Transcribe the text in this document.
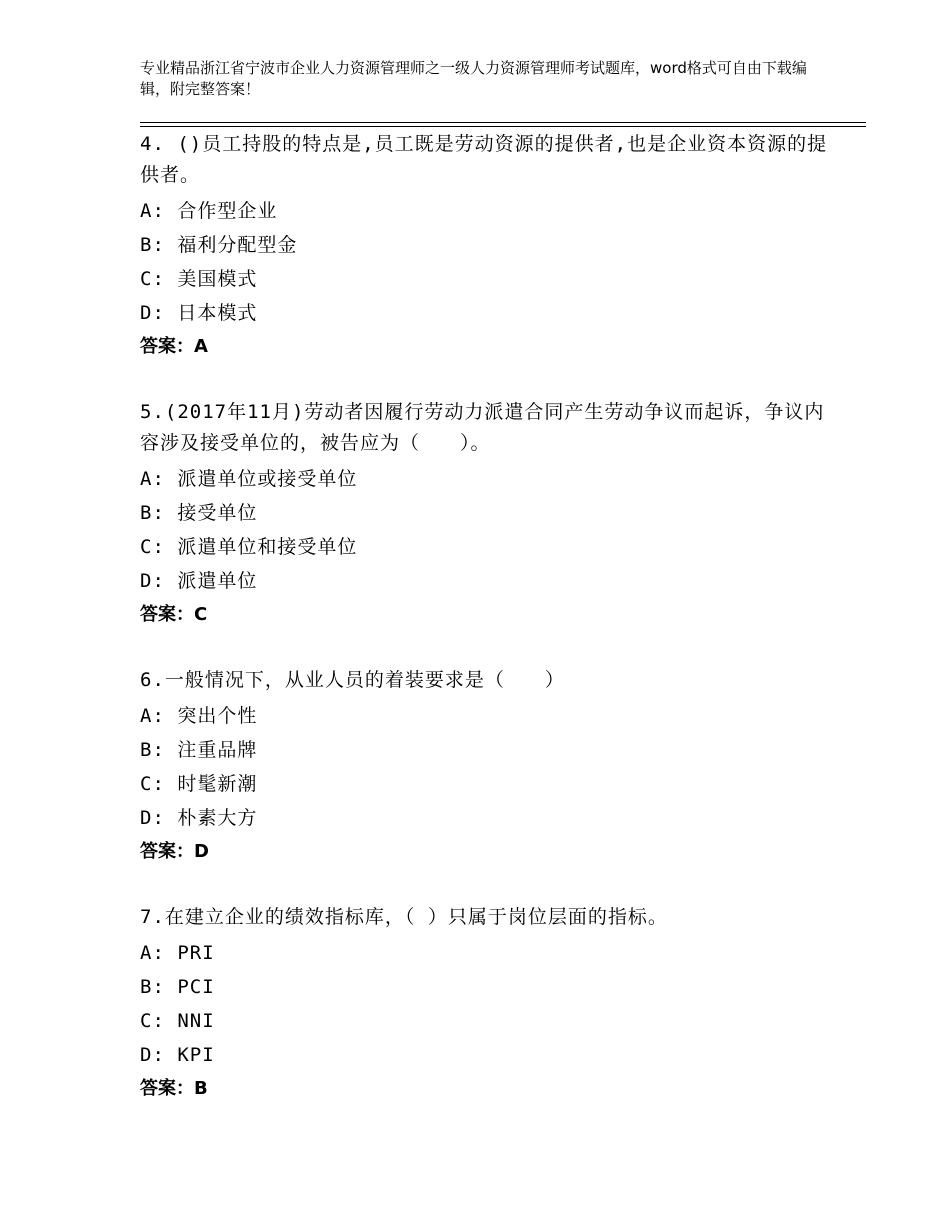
专业精品浙江省宁波市企业人力资源管理师之一级人力资源管理师考试题库，word格式可自由下载编辑，附完整答案！
4. ()员工持股的特点是,员工既是劳动资源的提供者,也是企业资本资源的提供者。
A: 合作型企业
B: 福利分配型金
C: 美国模式
D: 日本模式
答案：A
5.(2017年11月)劳动者因履行劳动力派遣合同产生劳动争议而起诉，争议内容涉及接受单位的，被告应为（　　）。
A: 派遣单位或接受单位
B: 接受单位
C: 派遣单位和接受单位
D: 派遣单位
答案：C
6.一般情况下，从业人员的着装要求是（　　）
A: 突出个性
B: 注重品牌
C: 时髦新潮
D: 朴素大方
答案：D
7.在建立企业的绩效指标库，（ ）只属于岗位层面的指标。
A: PRI
B: PCI
C: NNI
D: KPI
答案：B
